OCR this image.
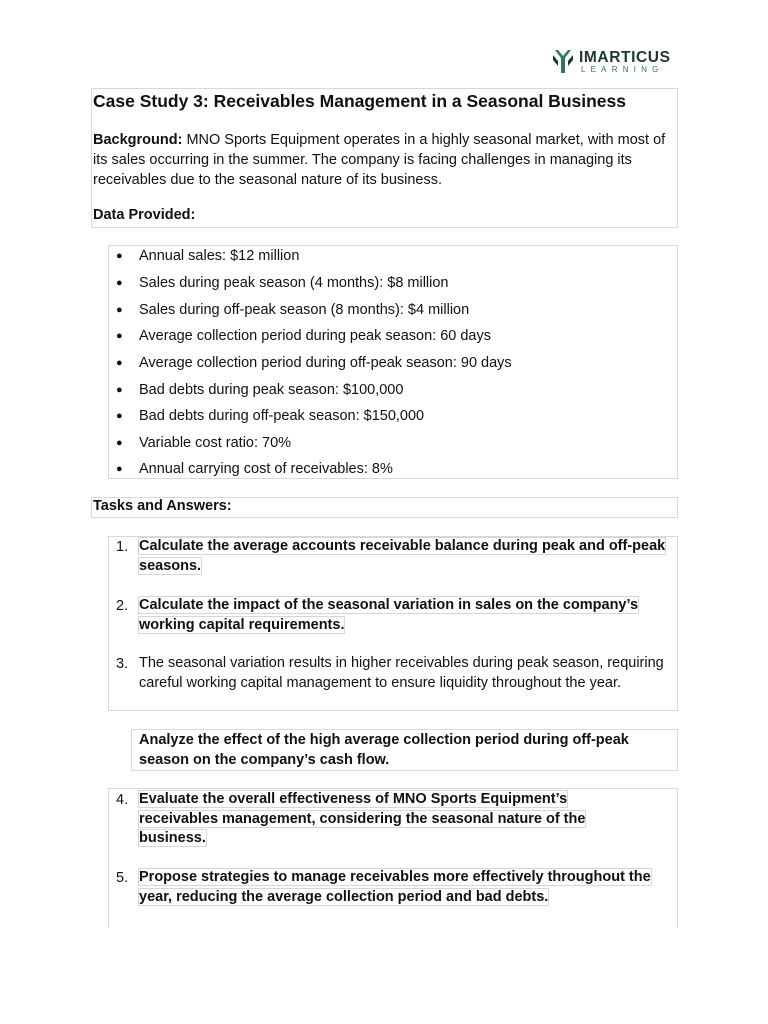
IMARTICUS
LEARNING
Case Study 3: Receivables Management in a Seasonal Business

Background: MNO Sports Equipment operates in a highly seasonal market, with most of its sales occurring in the summer. The company is facing challenges in managing its receivables due to the seasonal nature of its business.

Data Provided:
● Annual sales: $12 million
● Sales during peak season (4 months): $8 million
● Sales during off-peak season (8 months): $4 million
● Average collection period during peak season: 60 days
● Average collection period during off-peak season: 90 days
● Bad debts during peak season: $100,000
● Bad debts during off-peak season: $150,000
● Variable cost ratio: 70%
● Annual carrying cost of receivables: 8%
Tasks and Answers:
1. Calculate the average accounts receivable balance during peak and off-peak seasons.
2. Calculate the impact of the seasonal variation in sales on the company’s working capital requirements.
3. The seasonal variation results in higher receivables during peak season, requiring careful working capital management to ensure liquidity throughout the year.
Analyze the effect of the high average collection period during off-peak season on the company’s cash flow.
4. Evaluate the overall effectiveness of MNO Sports Equipment’s receivables management, considering the seasonal nature of the business.
5. Propose strategies to manage receivables more effectively throughout the year, reducing the average collection period and bad debts.
